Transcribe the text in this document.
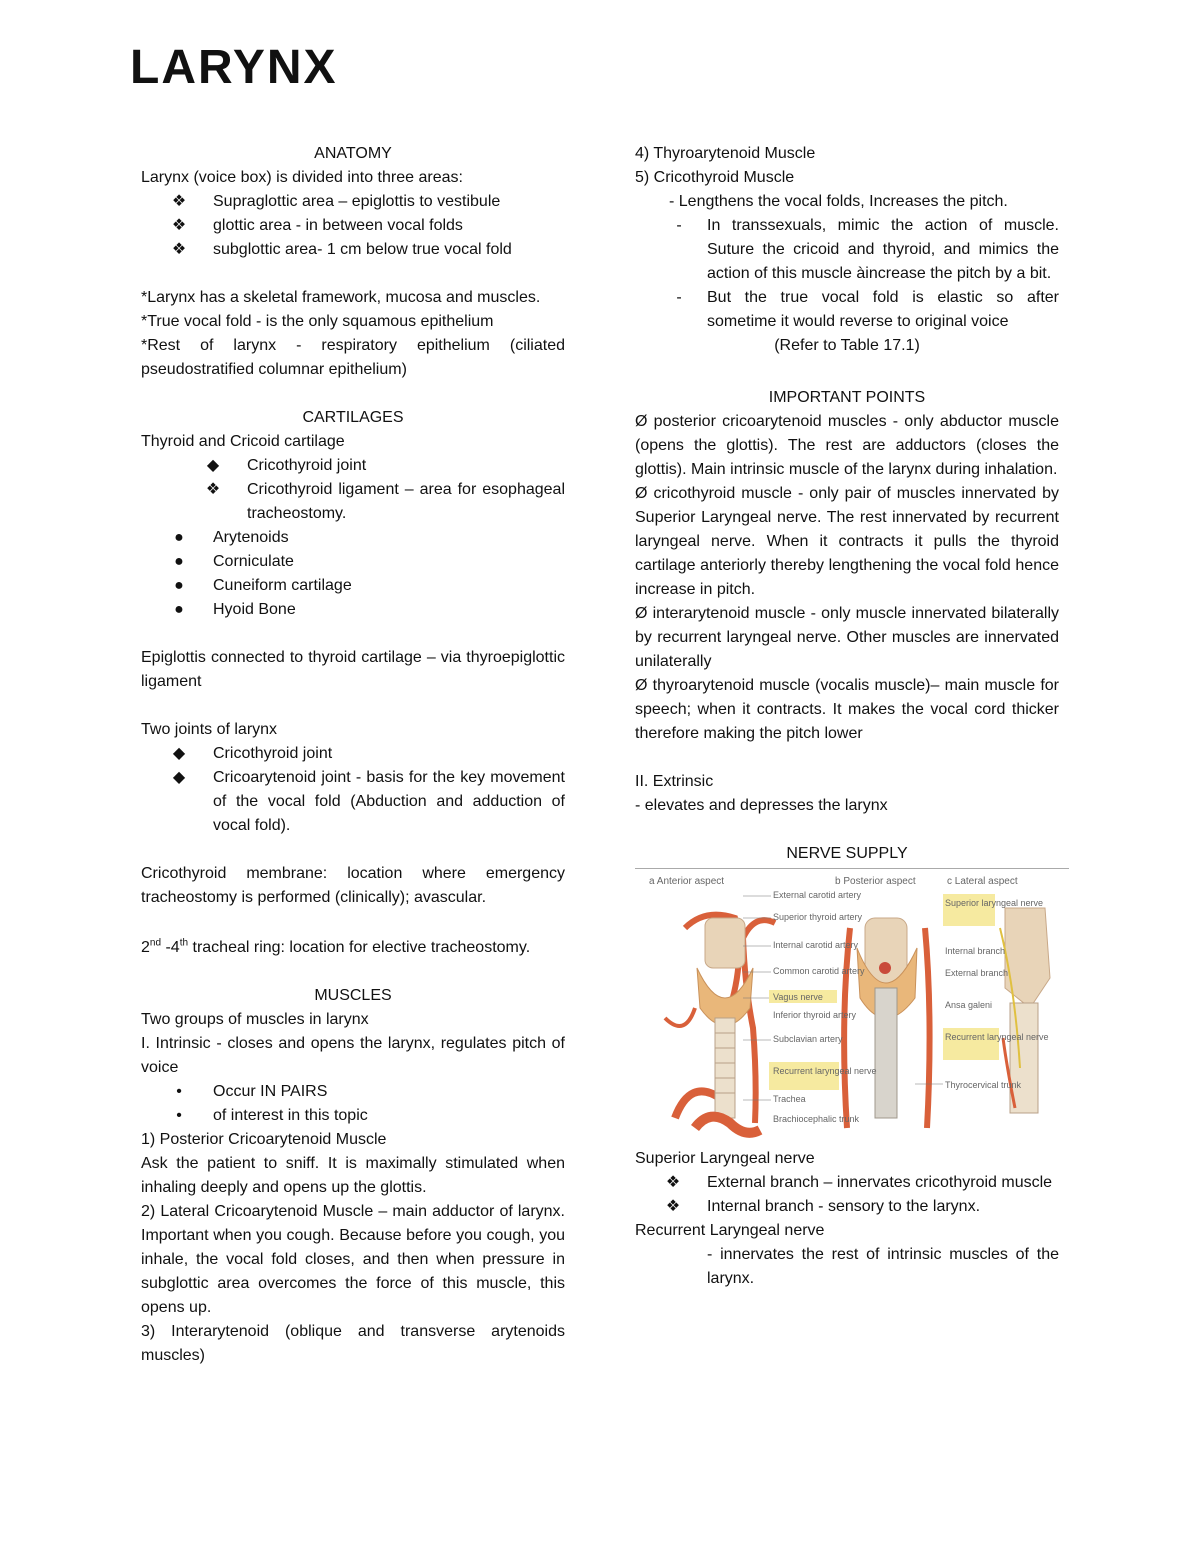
LARYNX
ANATOMY
Larynx (voice box) is divided into three areas:
❖ Supraglottic area – epiglottis to vestibule
❖ glottic area - in between vocal folds
❖ subglottic area- 1 cm below true vocal fold
*Larynx has a skeletal framework, mucosa and muscles.
*True vocal fold - is the only squamous epithelium
*Rest of larynx - respiratory epithelium (ciliated pseudostratified columnar epithelium)
CARTILAGES
Thyroid and Cricoid cartilage
◆ Cricothyroid joint
❖ Cricothyroid ligament – area for esophageal tracheostomy.
●	Arytenoids
●	Corniculate
●	Cuneiform cartilage
●	Hyoid Bone
Epiglottis connected to thyroid cartilage – via thyroepiglottic ligament
Two joints of larynx
◆ Cricothyroid joint
◆ Cricoarytenoid joint - basis for the key movement of the vocal fold (Abduction and adduction of vocal fold).
Cricothyroid membrane: location where emergency tracheostomy is performed (clinically); avascular.
2nd -4th tracheal ring: location for elective tracheostomy.
MUSCLES
Two groups of muscles in larynx
I. Intrinsic - closes and opens the larynx, regulates pitch of voice
•	Occur IN PAIRS
•	of interest in this topic
1) Posterior Cricoarytenoid Muscle
Ask the patient to sniff. It is maximally stimulated when inhaling deeply and opens up the glottis.
2) Lateral Cricoarytenoid Muscle – main adductor of larynx. Important when you cough. Because before you cough, you inhale, the vocal fold closes, and then when pressure in subglottic area overcomes the force of this muscle, this opens up.
3) Interarytenoid (oblique and transverse arytenoids muscles)
4) Thyroarytenoid Muscle
5) Cricothyroid Muscle
- Lengthens the vocal folds, Increases the pitch.
-	In transsexuals, mimic the action of muscle. Suture the cricoid and thyroid, and mimics the action of this muscle àincrease the pitch by a bit.
-	But the true vocal fold is elastic so after sometime it would reverse to original voice
(Refer to Table 17.1)
IMPORTANT POINTS
Ø posterior cricoarytenoid muscles - only abductor muscle (opens the glottis). The rest are adductors (closes the glottis). Main intrinsic muscle of the larynx during inhalation.
Ø cricothyroid muscle - only pair of muscles innervated by Superior Laryngeal nerve. The rest innervated by recurrent laryngeal nerve. When it contracts it pulls the thyroid cartilage anteriorly thereby lengthening the vocal fold hence increase in pitch.
Ø interarytenoid muscle - only muscle innervated bilaterally by recurrent laryngeal nerve. Other muscles are innervated unilaterally
Ø thyroarytenoid muscle (vocalis muscle)– main muscle for speech; when it contracts. It makes the vocal cord thicker therefore making the pitch lower
II. Extrinsic
- elevates and depresses the larynx
NERVE SUPPLY
a Anterior aspect	b Posterior aspect	c Lateral aspect
External carotid artery
Superior thyroid artery
Internal carotid artery
Common carotid artery
Vagus nerve
Inferior thyroid artery
Subclavian artery
Recurrent laryngeal nerve
Trachea
Brachiocephalic trunk
Superior laryngeal nerve
Internal branch
External branch
Ansa galeni
Recurrent laryngeal nerve
Thyrocervical trunk
Superior Laryngeal nerve
❖ External branch – innervates cricothyroid muscle
❖ Internal branch - sensory to the larynx.
Recurrent Laryngeal nerve
- innervates the rest of intrinsic muscles of the larynx.
